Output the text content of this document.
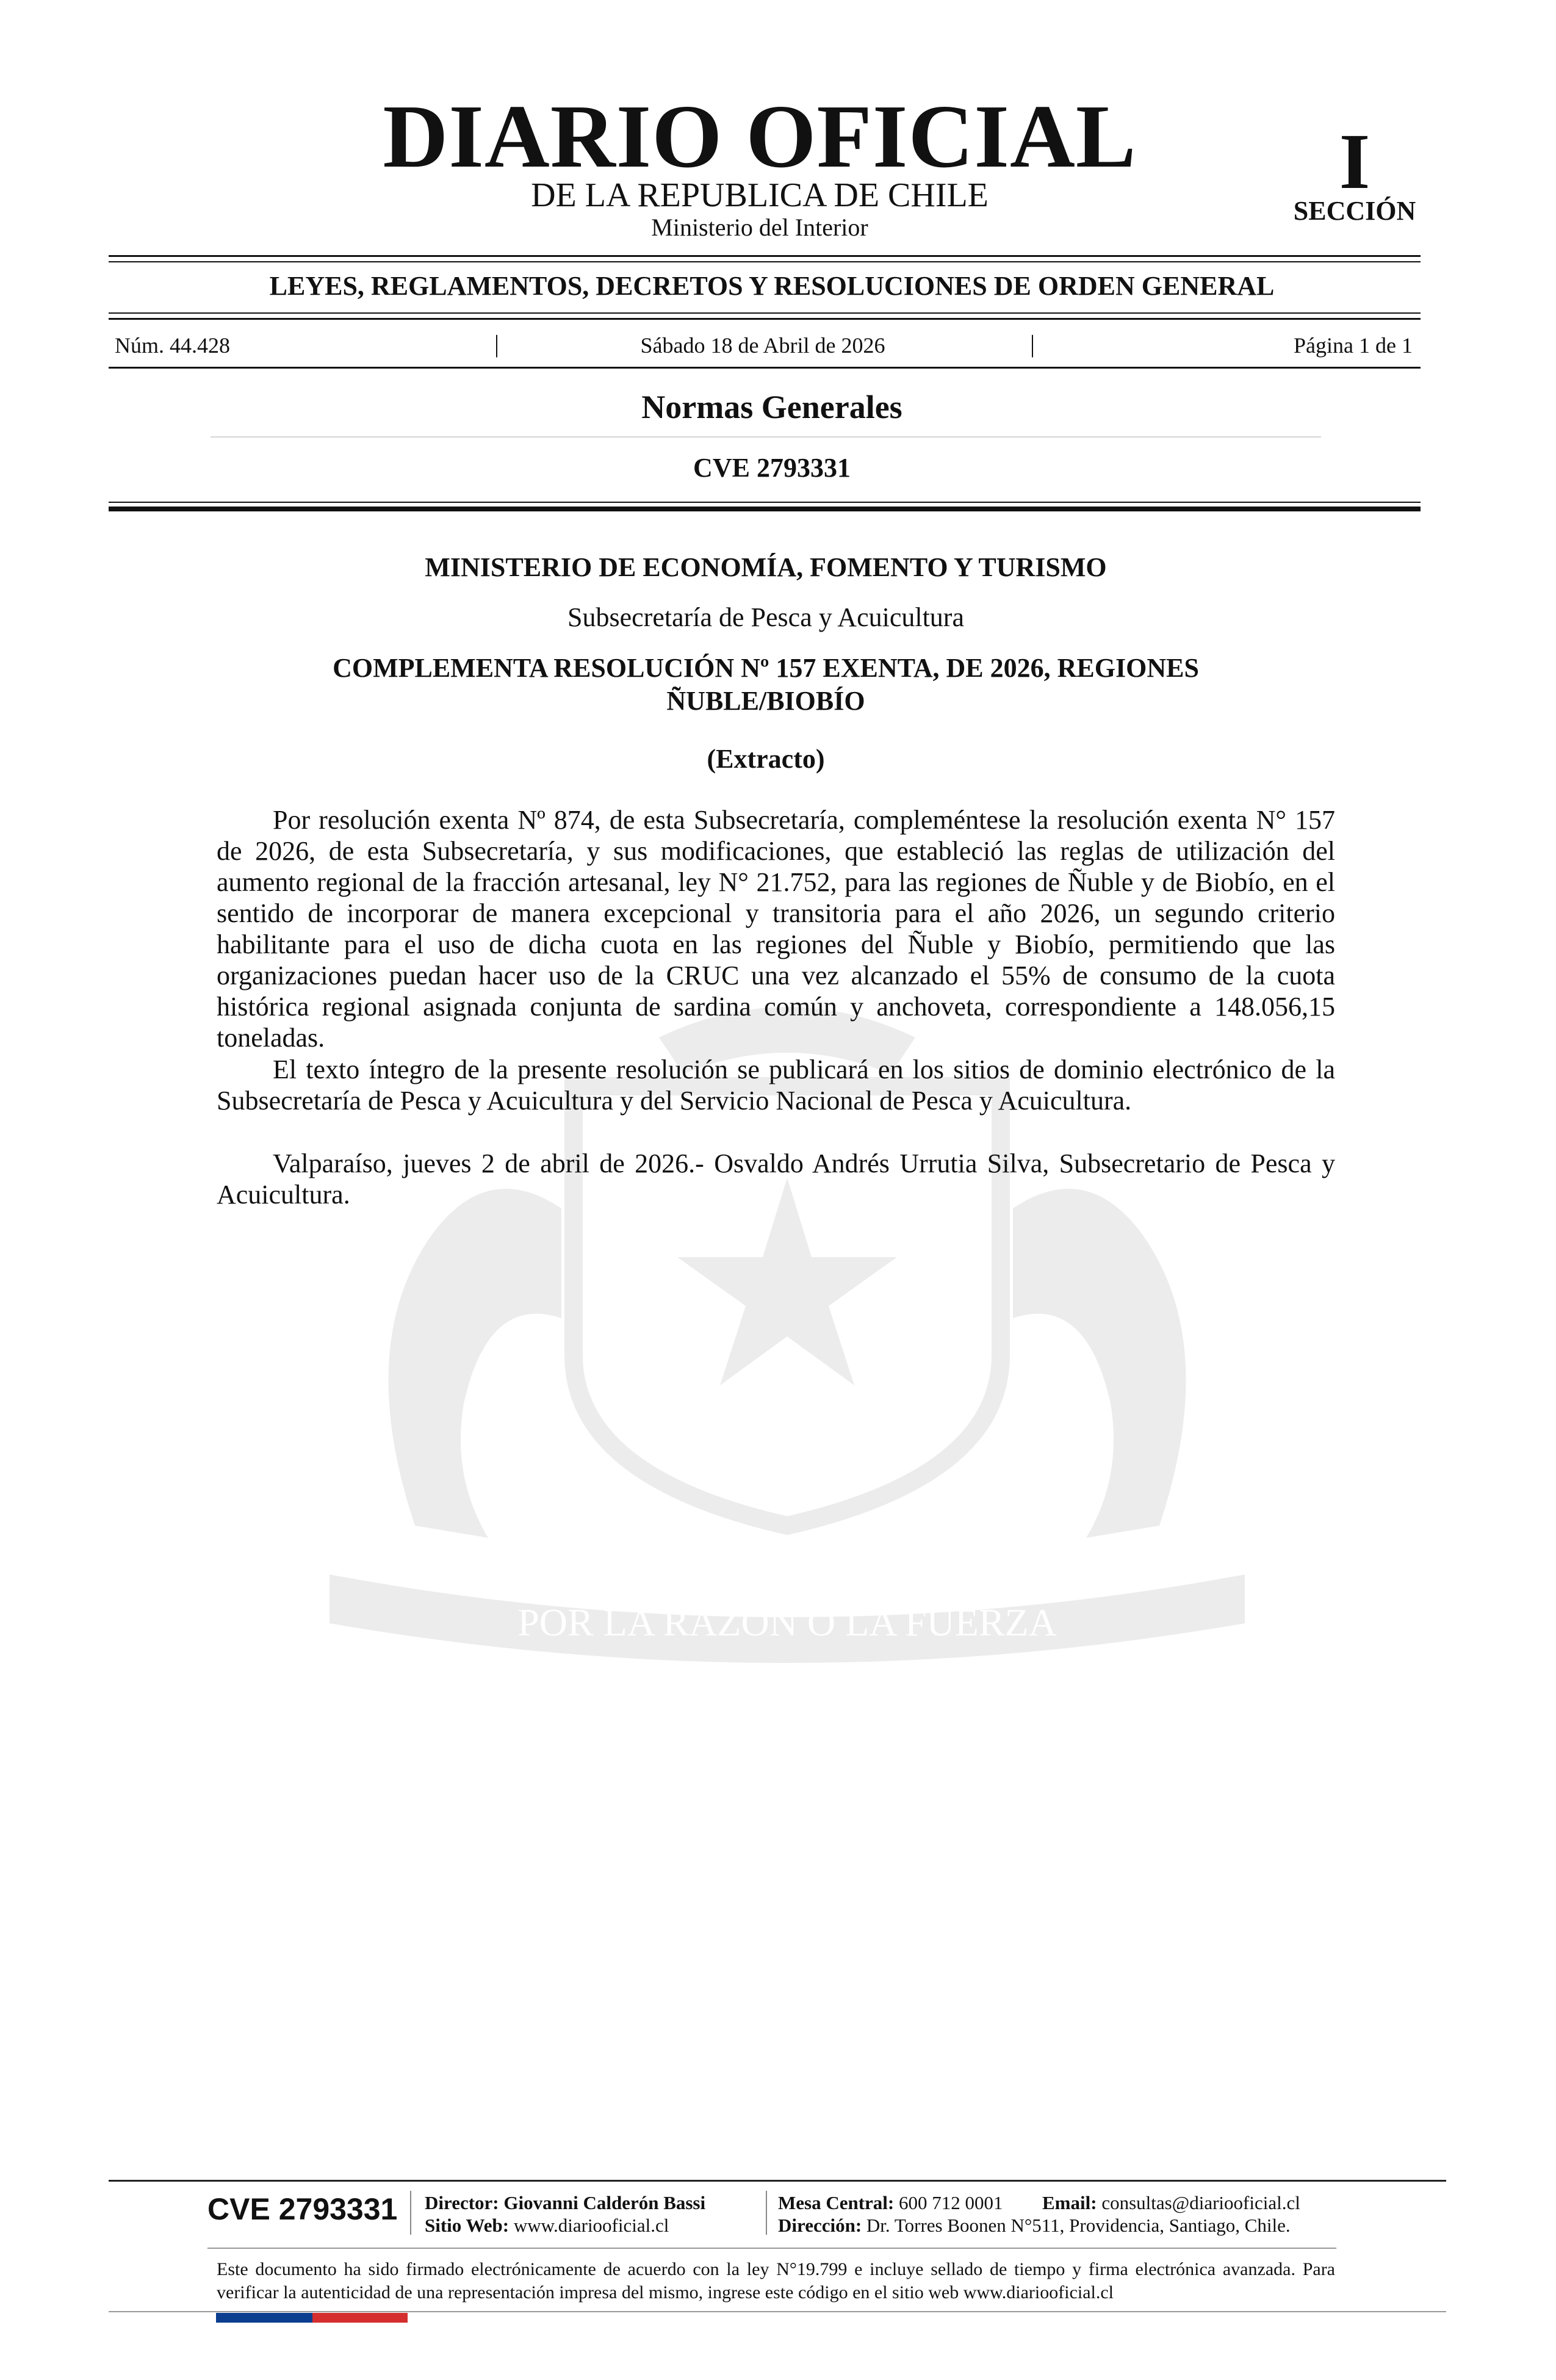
POR LA RAZON O LA FUERZA
DIARIO OFICIAL
DE LA REPUBLICA DE CHILE
Ministerio del Interior
I
SECCIÓN
LEYES, REGLAMENTOS, DECRETOS Y RESOLUCIONES DE ORDEN GENERAL
Núm. 44.428	|	Sábado 18 de Abril de 2026	|	Página 1 de 1
Normas Generales
CVE 2793331
MINISTERIO DE ECONOMÍA, FOMENTO Y TURISMO
Subsecretaría de Pesca y Acuicultura
COMPLEMENTA RESOLUCIÓN Nº 157 EXENTA, DE 2026, REGIONES ÑUBLE/BIOBÍO
(Extracto)

Por resolución exenta Nº 874, de esta Subsecretaría, compleméntese la resolución exenta N° 157 de 2026, de esta Subsecretaría, y sus modificaciones, que estableció las reglas de utilización del aumento regional de la fracción artesanal, ley N° 21.752, para las regiones de Ñuble y de Biobío, en el sentido de incorporar de manera excepcional y transitoria para el año 2026, un segundo criterio habilitante para el uso de dicha cuota en las regiones del Ñuble y Biobío, permitiendo que las organizaciones puedan hacer uso de la CRUC una vez alcanzado el 55% de consumo de la cuota histórica regional asignada conjunta de sardina común y anchoveta, correspondiente a 148.056,15 toneladas.

El texto íntegro de la presente resolución se publicará en los sitios de dominio electrónico de la Subsecretaría de Pesca y Acuicultura y del Servicio Nacional de Pesca y Acuicultura.

Valparaíso, jueves 2 de abril de 2026.- Osvaldo Andrés Urrutia Silva, Subsecretario de Pesca y Acuicultura.

CVE 2793331 Director: Giovanni Calderón Bassi
Sitio Web: www.diariooficial.cl
Mesa Central: 600 712 0001 Email: consultas@diariooficial.cl
Dirección: Dr. Torres Boonen N°511, Providencia, Santiago, Chile.

Este documento ha sido firmado electrónicamente de acuerdo con la ley N°19.799 e incluye sellado de tiempo y firma electrónica avanzada. Para verificar la autenticidad de una representación impresa del mismo, ingrese este código en el sitio web www.diariooficial.cl
